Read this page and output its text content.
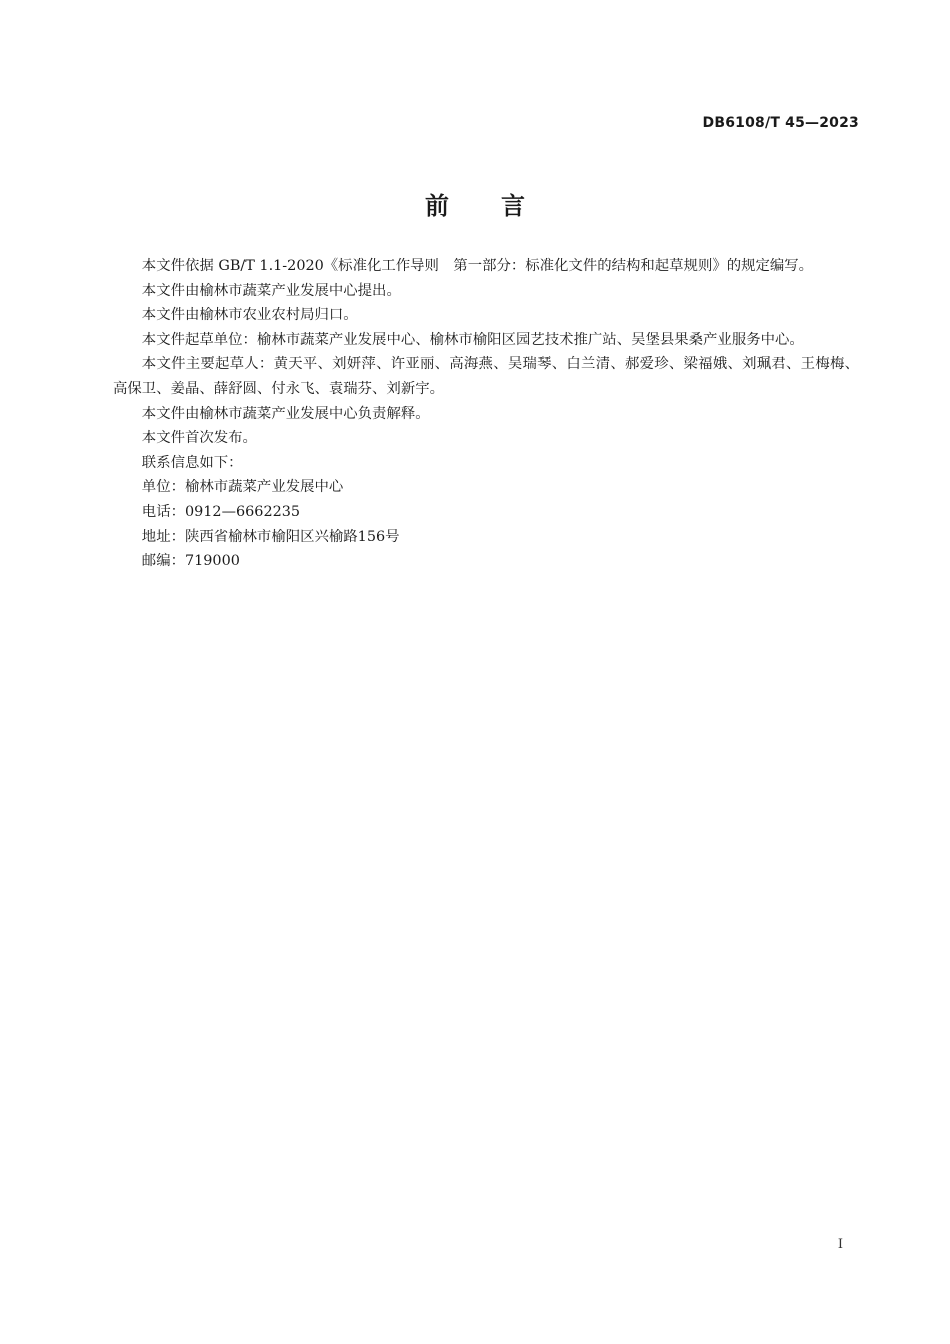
DB6108/T 45—2023
前 言

本文件依据 GB/T 1.1-2020《标准化工作导则　第一部分：标准化文件的结构和起草规则》的规定编写。

本文件由榆林市蔬菜产业发展中心提出。

本文件由榆林市农业农村局归口。

本文件起草单位：榆林市蔬菜产业发展中心、榆林市榆阳区园艺技术推广站、吴堡县果桑产业服务中心。

本文件主要起草人：黄天平、刘妍萍、许亚丽、高海燕、吴瑞琴、白兰清、郝爱珍、梁福娥、刘珮君、王梅梅、高保卫、姜晶、薛舒圆、付永飞、袁瑞芬、刘新宇。

本文件由榆林市蔬菜产业发展中心负责解释。

本文件首次发布。

联系信息如下：

单位：榆林市蔬菜产业发展中心

电话：0912—6662235

地址：陕西省榆林市榆阳区兴榆路156号

邮编：719000

I
